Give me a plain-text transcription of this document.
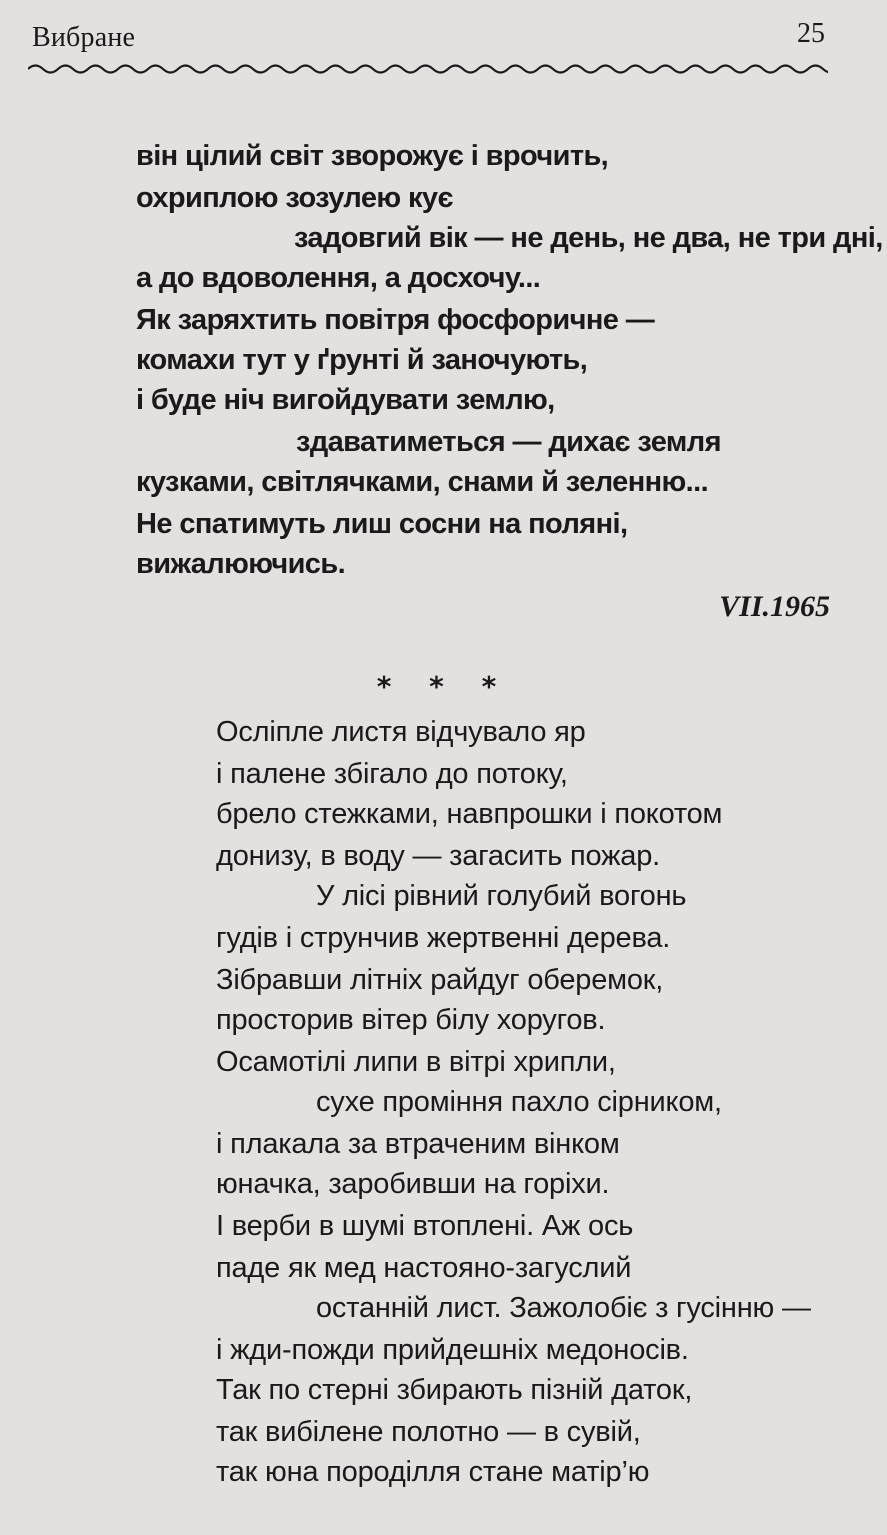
Вибране	25
він цілий світ зворожує і врочить,
охриплою зозулею кує
задовгий вік — не день, не два, не три дні,
а до вдоволення, а досхочу...
Як заряхтить повітря фосфоричне —
комахи тут у ґрунті й заночують,
і буде ніч вигойдувати землю,
здаватиметься — дихає земля
кузками, світлячками, снами й зеленню...
Не спатимуть лиш сосни на поляні,
вижалюючись.
VII.1965
* * *
Осліпле листя відчувало яр
і палене збігало до потоку,
брело стежками, навпрошки і покотом
донизу, в воду — загасить пожар.
У лісі рівний голубий вогонь
гудів і струнчив жертвенні дерева.
Зібравши літніх райдуг оберемок,
просторив вітер білу хоругов.
Осамотілі липи в вітрі хрипли,
сухе проміння пахло сірником,
і плакала за втраченим вінком
юначка, заробивши на горіхи.
І верби в шумі втоплені. Аж ось
паде як мед настояно-загуслий
останній лист. Зажолобіє з гусінню —
і жди-пожди прийдешніх медоносів.
Так по стерні збирають пізній даток,
так вибілене полотно — в сувій,
так юна породілля стане матір’ю
